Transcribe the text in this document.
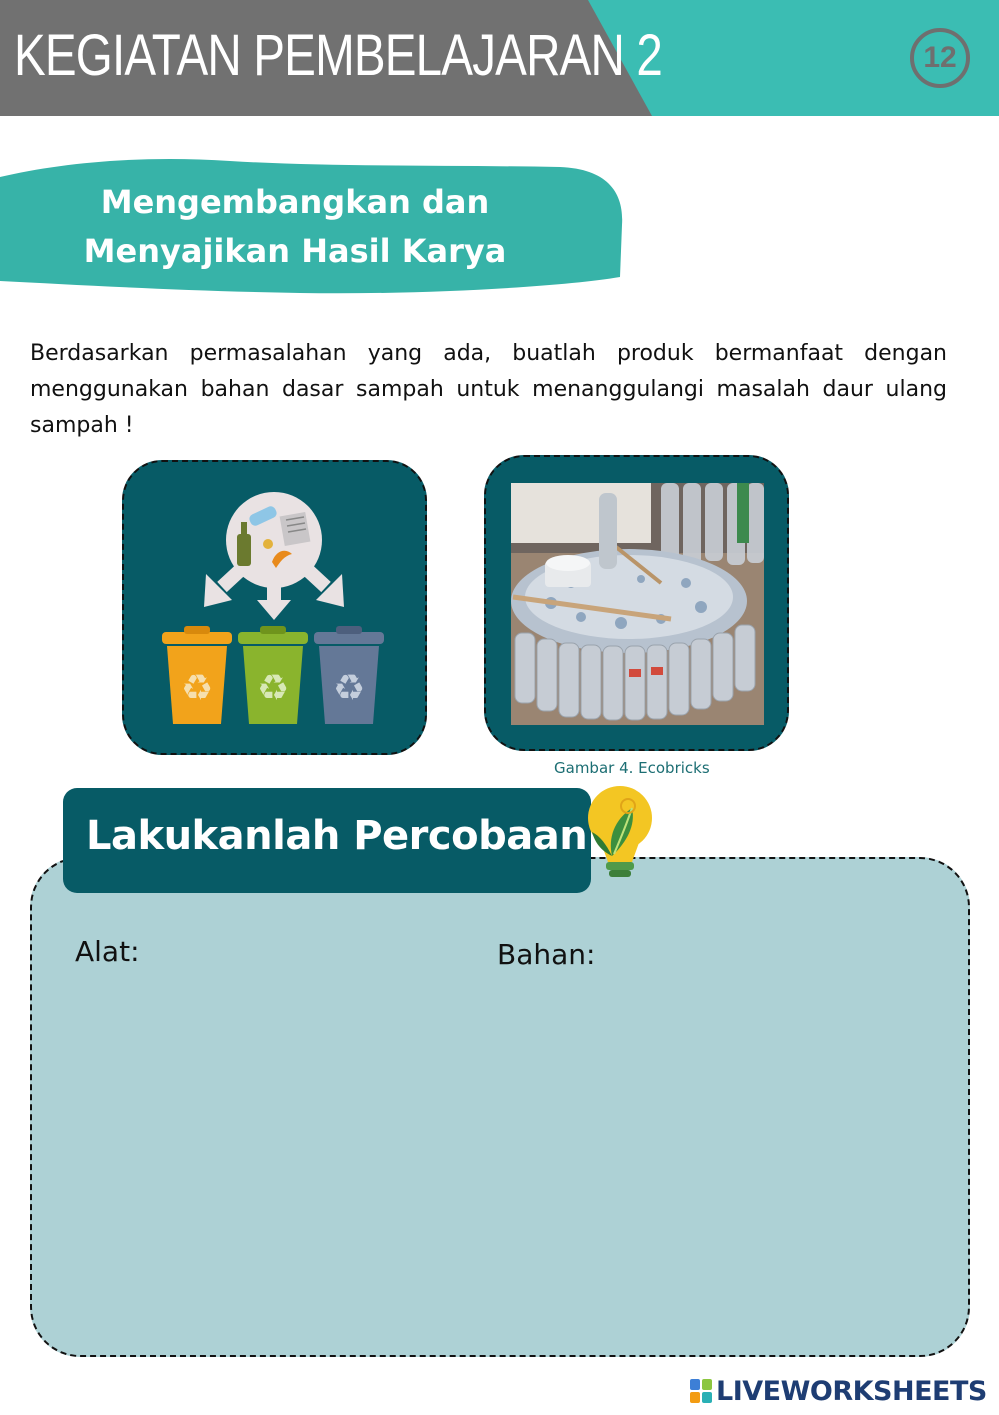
KEGIATAN PEMBELAJARAN 2	12
Mengembangkan dan
Menyajikan Hasil Karya

Berdasarkan permasalahan yang ada, buatlah produk bermanfaat dengan menggunakan bahan dasar sampah untuk menanggulangi masalah daur ulang sampah !

♻ ♻ ♻
Gambar 4. Ecobricks
Lakukanlah Percobaan
Alat:	Bahan:
LIVEWORKSHEETS
